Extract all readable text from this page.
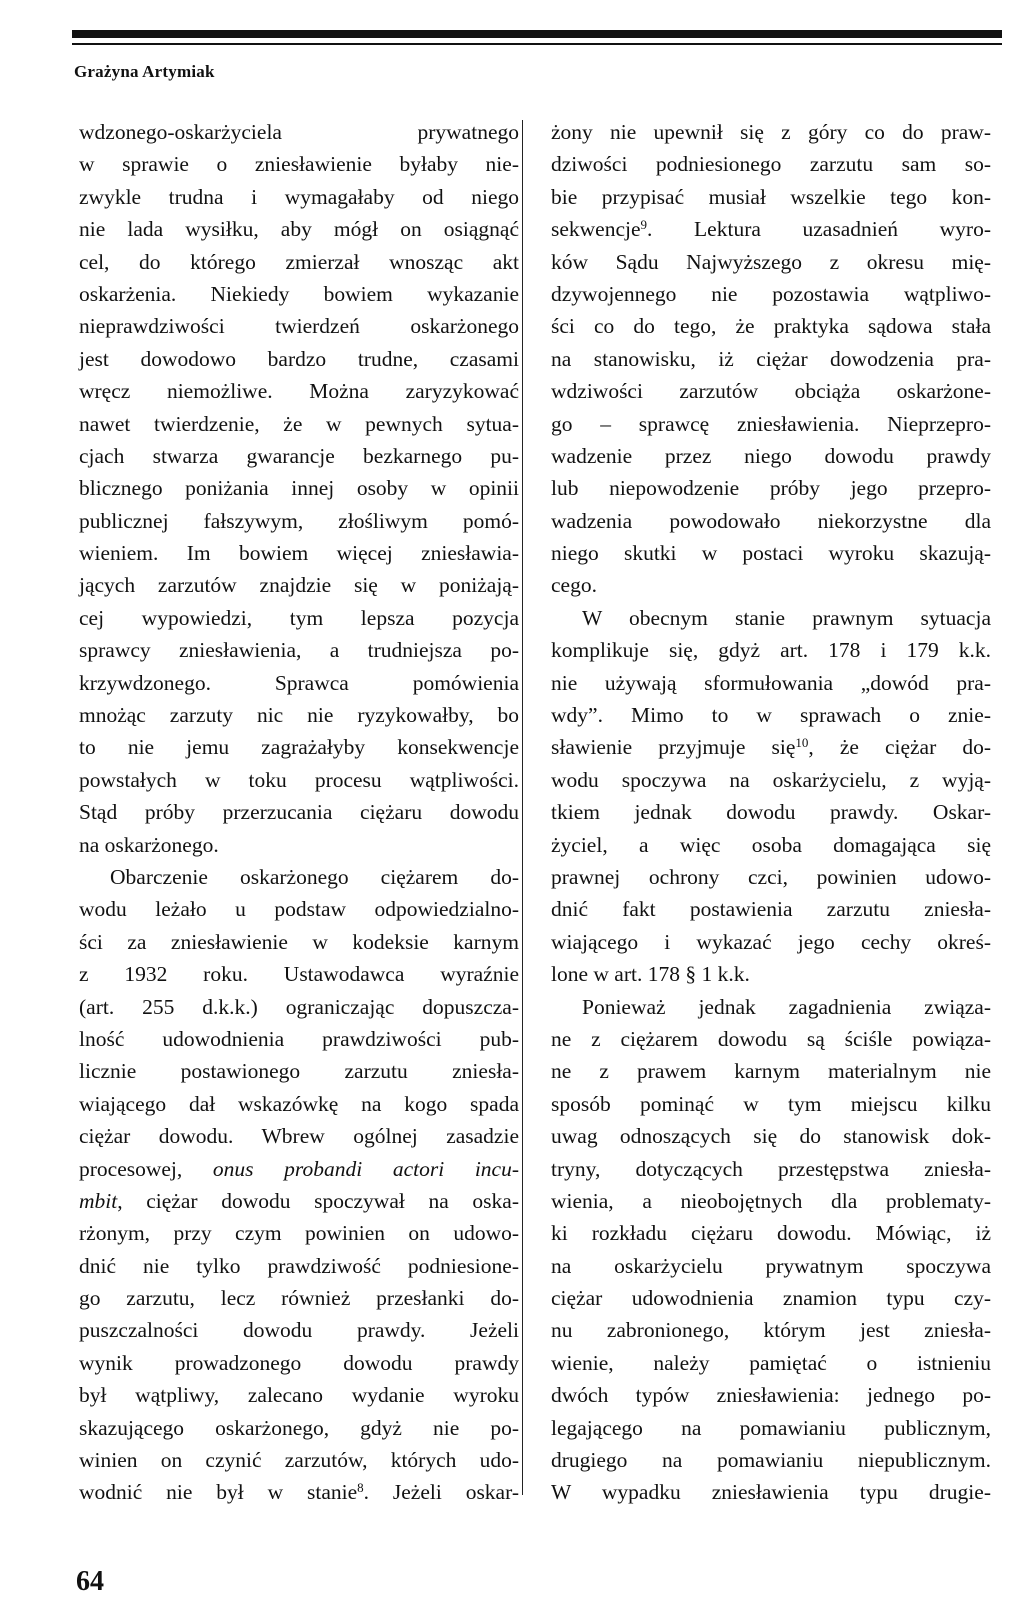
Grażyna Artymiak
wdzonego-oskarżyciela prywatnego
w sprawie o zniesławienie byłaby nie-
zwykle trudna i wymagałaby od niego
nie lada wysiłku, aby mógł on osiągnąć
cel, do którego zmierzał wnosząc akt
oskarżenia. Niekiedy bowiem wykazanie
nieprawdziwości twierdzeń oskarżonego
jest dowodowo bardzo trudne, czasami
wręcz niemożliwe. Można zaryzykować
nawet twierdzenie, że w pewnych sytua-
cjach stwarza gwarancje bezkarnego pu-
blicznego poniżania innej osoby w opinii
publicznej fałszywym, złośliwym pomó-
wieniem. Im bowiem więcej zniesławia-
jących zarzutów znajdzie się w poniżają-
cej wypowiedzi, tym lepsza pozycja
sprawcy zniesławienia, a trudniejsza po-
krzywdzonego. Sprawca pomówienia
mnożąc zarzuty nic nie ryzykowałby, bo
to nie jemu zagrażałyby konsekwencje
powstałych w toku procesu wątpliwości.
Stąd próby przerzucania ciężaru dowodu
na oskarżonego.
Obarczenie oskarżonego ciężarem do-
wodu leżało u podstaw odpowiedzialno-
ści za zniesławienie w kodeksie karnym
z 1932 roku. Ustawodawca wyraźnie
(art. 255 d.k.k.) ograniczając dopuszcza-
lność udowodnienia prawdziwości pub-
licznie postawionego zarzutu zniesła-
wiającego dał wskazówkę na kogo spada
ciężar dowodu. Wbrew ogólnej zasadzie
procesowej, onus probandi actori incu-
mbit, ciężar dowodu spoczywał na oska-
rżonym, przy czym powinien on udowo-
dnić nie tylko prawdziwość podniesione-
go zarzutu, lecz również przesłanki do-
puszczalności dowodu prawdy. Jeżeli
wynik prowadzonego dowodu prawdy
był wątpliwy, zalecano wydanie wyroku
skazującego oskarżonego, gdyż nie po-
winien on czynić zarzutów, których udo-
wodnić nie był w stanie$^8$. Jeżeli oskar-
żony nie upewnił się z góry co do praw-
dziwości podniesionego zarzutu sam so-
bie przypisać musiał wszelkie tego kon-
sekwencje$^9$. Lektura uzasadnień wyro-
ków Sądu Najwyższego z okresu mię-
dzywojennego nie pozostawia wątpliwo-
ści co do tego, że praktyka sądowa stała
na stanowisku, iż ciężar dowodzenia pra-
wdziwości zarzutów obciąża oskarżone-
go – sprawcę zniesławienia. Nieprzepro-
wadzenie przez niego dowodu prawdy
lub niepowodzenie próby jego przepro-
wadzenia powodowało niekorzystne dla
niego skutki w postaci wyroku skazują-
cego.
W obecnym stanie prawnym sytuacja
komplikuje się, gdyż art. 178 i 179 k.k.
nie używają sformułowania „dowód pra-
wdy”. Mimo to w sprawach o znie-
sławienie przyjmuje się$^{10}$, że ciężar do-
wodu spoczywa na oskarżycielu, z wyją-
tkiem jednak dowodu prawdy. Oskar-
życiel, a więc osoba domagająca się
prawnej ochrony czci, powinien udowo-
dnić fakt postawienia zarzutu zniesła-
wiającego i wykazać jego cechy okreś-
lone w art. 178 § 1 k.k.
Ponieważ jednak zagadnienia związa-
ne z ciężarem dowodu są ściśle powiąza-
ne z prawem karnym materialnym nie
sposób pominąć w tym miejscu kilku
uwag odnoszących się do stanowisk dok-
tryny, dotyczących przestępstwa zniesła-
wienia, a nieobojętnych dla problematy-
ki rozkładu ciężaru dowodu. Mówiąc, iż
na oskarżycielu prywatnym spoczywa
ciężar udowodnienia znamion typu czy-
nu zabronionego, którym jest zniesła-
wienie, należy pamiętać o istnieniu
dwóch typów zniesławienia: jednego po-
legającego na pomawianiu publicznym,
drugiego na pomawianiu niepublicznym.
W wypadku zniesławienia typu drugie-
64
